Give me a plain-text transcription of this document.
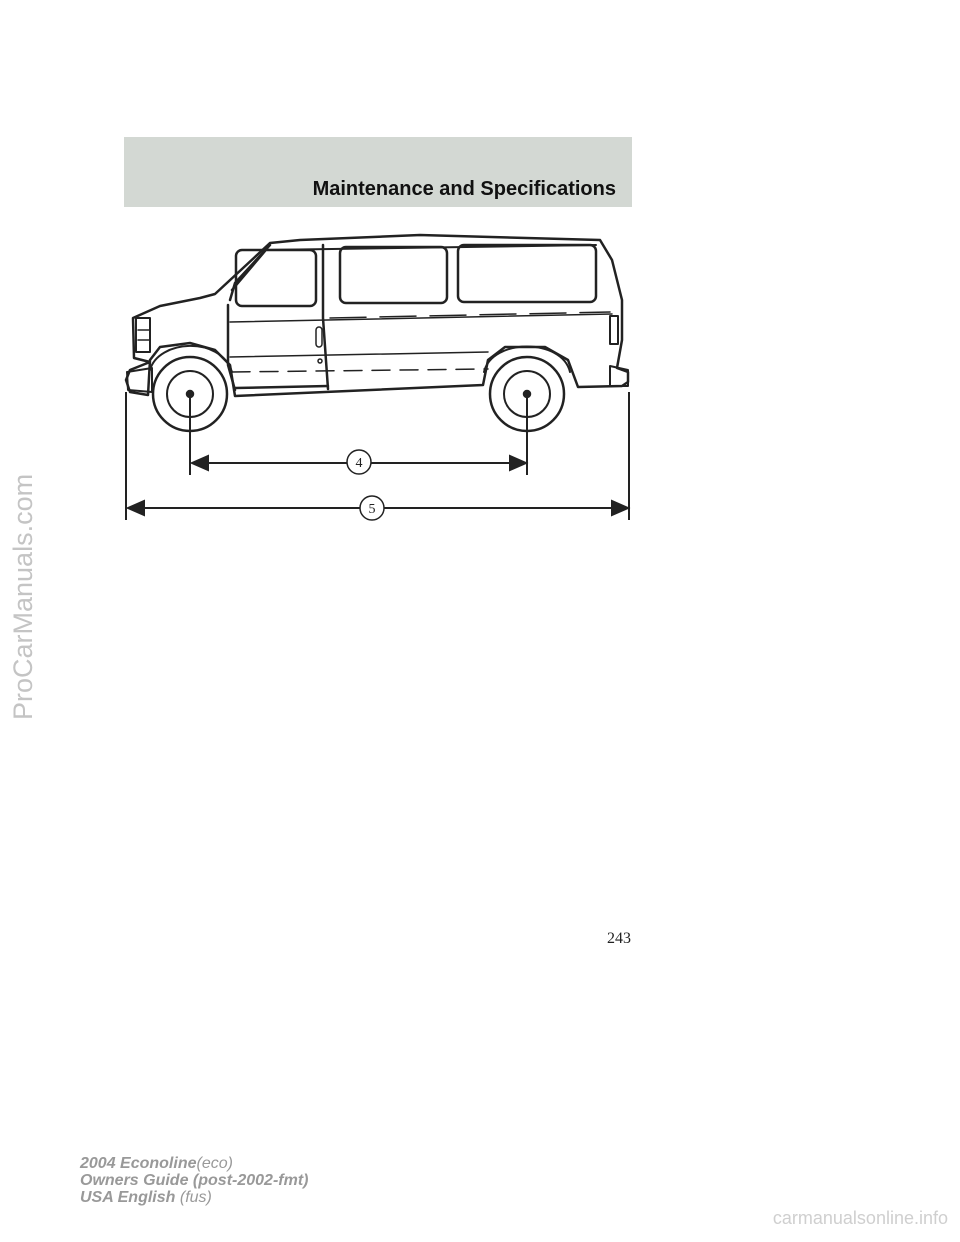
Maintenance and Specifications
4
5
243
2004 Econoline(eco)
Owners Guide (post-2002-fmt)
USA English (fus)
ProCarManuals.com
carmanualsonline.info
